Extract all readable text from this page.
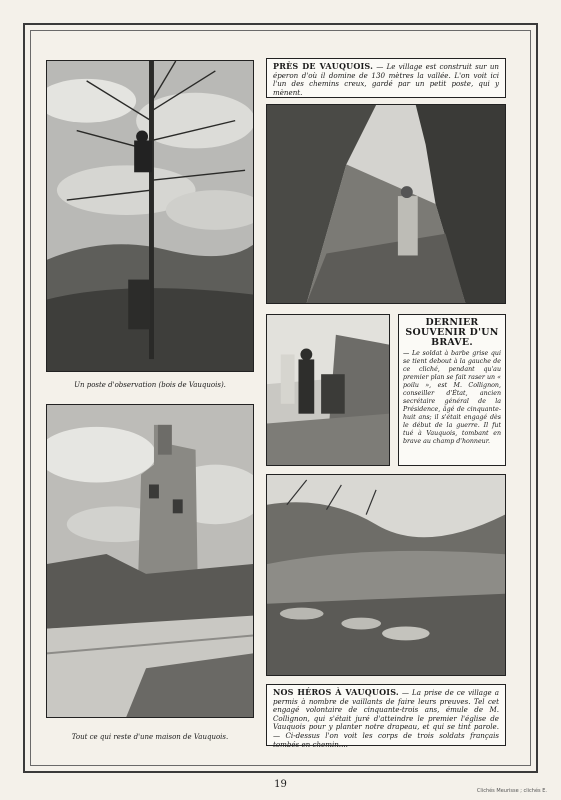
Un poste d'observation (bois de Vauquois).
Tout ce qui reste d'une maison de Vauquois.
PRÈS DE VAUQUOIS. — Le village est construit sur un éperon d'où il domine de 130 mètres la vallée. L'on voit ici l'un des chemins creux, gardé par un petit poste, qui y mènent.
DERNIER SOUVENIR D'UN BRAVE.
— Le soldat à barbe grise qui se tient debout à la gauche de ce cliché, pendant qu'au premier plan se fait raser un « poilu », est M. Collignon, conseiller d'État, ancien secrétaire général de la Présidence, âgé de cinquante-huit ans; il s'était engagé dès le début de la guerre. Il fut tué à Vauquois, tombant en brave au champ d'honneur.
NOS HÉROS À VAUQUOIS. — La prise de ce village a permis à nombre de vaillants de faire leurs preuves. Tel cet engagé volontaire de cinquante-trois ans, émule de M. Collignon, qui s'était juré d'atteindre le premier l'église de Vauquois pour y planter notre drapeau, et qui se tint parole. — Ci-dessus l'on voit les corps de trois soldats français tombés en chemin....
19
Clichés Meurisse ; clichés E.
